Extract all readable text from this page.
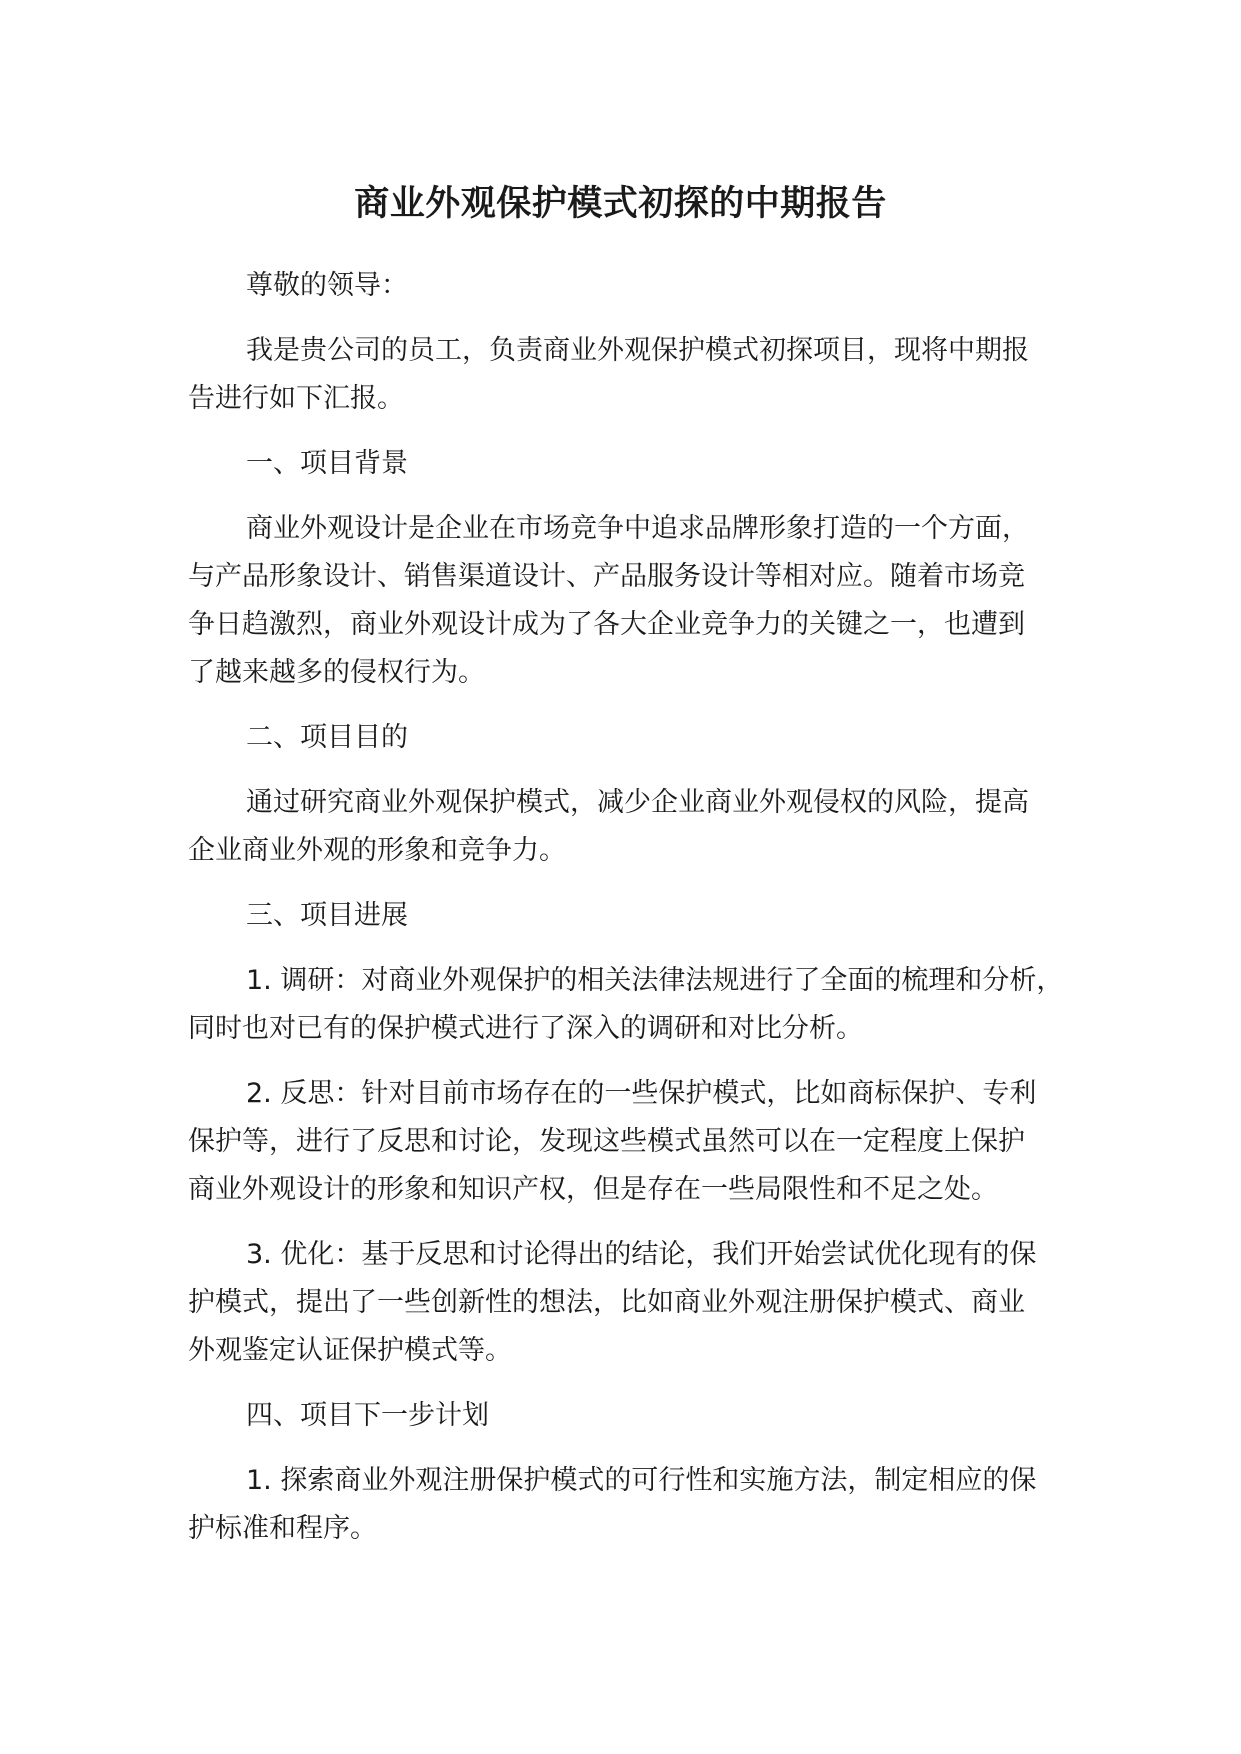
商业外观保护模式初探的中期报告

尊敬的领导：

我是贵公司的员工，负责商业外观保护模式初探项目，现将中期报
告进行如下汇报。

一、项目背景

商业外观设计是企业在市场竞争中追求品牌形象打造的一个方面，
与产品形象设计、销售渠道设计、产品服务设计等相对应。随着市场竞
争日趋激烈，商业外观设计成为了各大企业竞争力的关键之一，也遭到
了越来越多的侵权行为。

二、项目目的

通过研究商业外观保护模式，减少企业商业外观侵权的风险，提高
企业商业外观的形象和竞争力。

三、项目进展

1. 调研：对商业外观保护的相关法律法规进行了全面的梳理和分析，
同时也对已有的保护模式进行了深入的调研和对比分析。

2. 反思：针对目前市场存在的一些保护模式，比如商标保护、专利
保护等，进行了反思和讨论，发现这些模式虽然可以在一定程度上保护
商业外观设计的形象和知识产权，但是存在一些局限性和不足之处。

3. 优化：基于反思和讨论得出的结论，我们开始尝试优化现有的保
护模式，提出了一些创新性的想法，比如商业外观注册保护模式、商业
外观鉴定认证保护模式等。

四、项目下一步计划

1. 探索商业外观注册保护模式的可行性和实施方法，制定相应的保
护标准和程序。
